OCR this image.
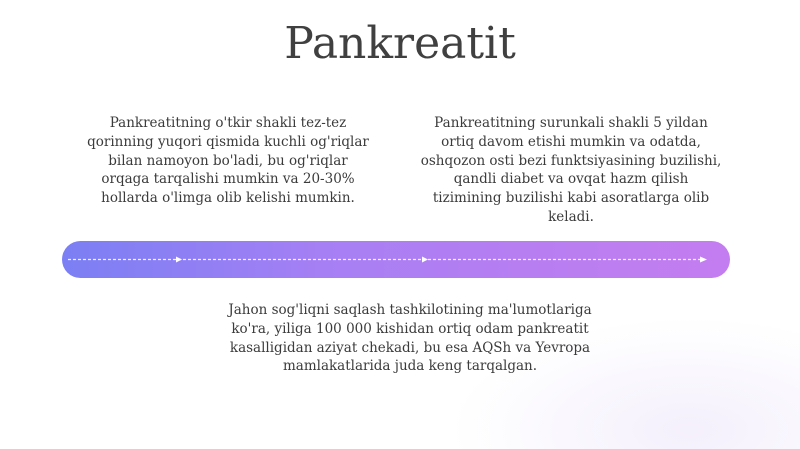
Pankreatit

Pankreatitning o'tkir shakli tez-tez qorinning yuqori qismida kuchli og'riqlar bilan namoyon bo'ladi, bu og'riqlar orqaga tarqalishi mumkin va 20-30% hollarda o'limga olib kelishi mumkin.

Pankreatitning surunkali shakli 5 yildan ortiq davom etishi mumkin va odatda, oshqozon osti bezi funktsiyasining buzilishi, qandli diabet va ovqat hazm qilish tizimining buzilishi kabi asoratlarga olib keladi.

Jahon sog'liqni saqlash tashkilotining ma'lumotlariga ko'ra, yiliga 100 000 kishidan ortiq odam pankreatit kasalligidan aziyat chekadi, bu esa AQSh va Yevropa mamlakatlarida juda keng tarqalgan.
